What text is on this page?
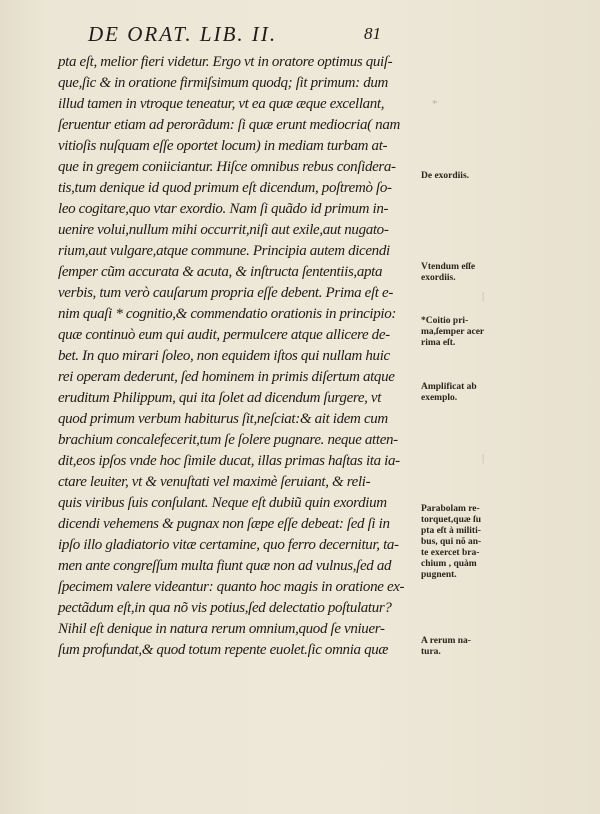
DE ORAT. LIB. II.	81
pta eſt, melior fieri videtur. Ergo vt in oratore optimus quiſ-
que,ſic & in oratione firmiſsimum quodq; ſit primum: dum
illud tamen in vtroque teneatur, vt ea quæ æque excellant,
ſeruentur etiam ad perorãdum: ſi quæ erunt mediocria( nam
vitioſis nuſquam eſſe oportet locum) in mediam turbam at-
que in gregem coniiciantur. Hiſce omnibus rebus conſidera-
tis,tum denique id quod primum eſt dicendum, poſtremò ſo-
leo cogitare,quo vtar exordio. Nam ſi quãdo id primum in-
uenire volui,nullum mihi occurrit,niſi aut exile,aut nugato-
rium,aut vulgare,atque commune. Principia autem dicendi
ſemper cũm accurata & acuta, & inſtructa ſententiis,apta
verbis, tum verò cauſarum propria eſſe debent. Prima eſt e-
nim quaſi * cognitio,& commendatio orationis in principio:
quæ continuò eum qui audit, permulcere atque allicere de-
bet. In quo mirari ſoleo, non equidem iſtos qui nullam huic
rei operam dederunt, ſed hominem in primis diſertum atque
eruditum Philippum, qui ita ſolet ad dicendum ſurgere, vt
quod primum verbum habiturus ſit,neſciat:& ait idem cum
brachium concalefecerit,tum ſe ſolere pugnare. neque atten-
dit,eos ipſos vnde hoc ſimile ducat, illas primas haſtas ita ia-
ctare leuiter, vt & venuſtati vel maximè ſeruiant, & reli-
quis viribus ſuis conſulant. Neque eſt dubiũ quin exordium
dicendi vehemens & pugnax non ſæpe eſſe debeat: ſed ſi in
ipſo illo gladiatorio vitæ certamine, quo ferro decernitur, ta-
men ante congreſſum multa fiunt quæ non ad vulnus,ſed ad
ſpecimem valere videantur: quanto hoc magis in oratione ex-
pectãdum eſt,in qua nõ vis potius,ſed delectatio poſtulatur?
Nihil eſt denique in natura rerum omnium,quod ſe vniuer-
ſum profundat,& quod totum repente euolet.ſic omnia quæ
De exordiis.
Vtendum eſſe
exordiis.
*Coitio pri-
ma,ſemper acer
rima eſt.
Amplificat ab
exemplo.
Parabolam re-
torquet,quæ ſu
pta eſt à militi-
bus, qui nõ an-
te exercet bra-
chium , quàm
pugnent.
A rerum na-
tura.
*
|
|
